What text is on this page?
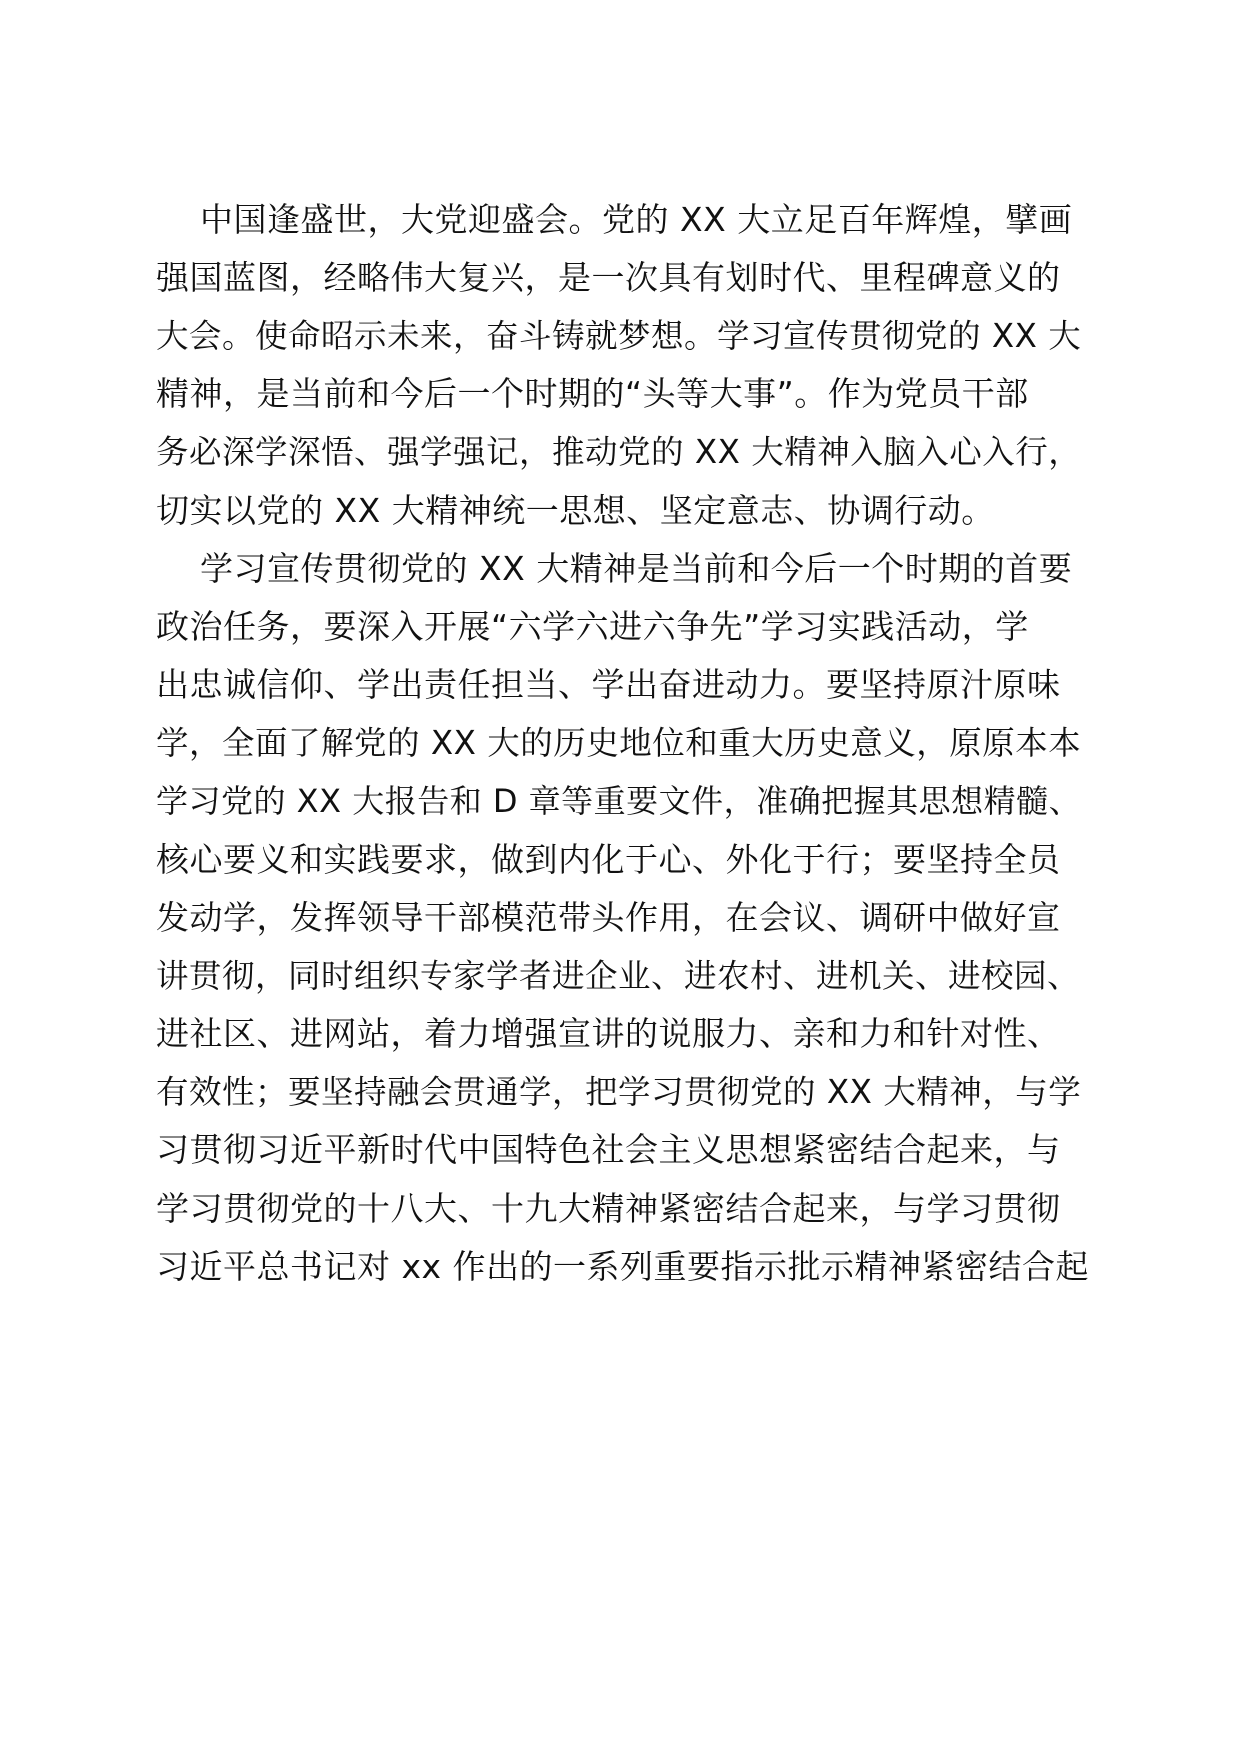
中国逢盛世，大党迎盛会。党的 XX 大立足百年辉煌，擘画
强国蓝图，经略伟大复兴，是一次具有划时代、里程碑意义的
大会。使命昭示未来，奋斗铸就梦想。学习宣传贯彻党的 XX 大
精神，是当前和今后一个时期的“头等大事”。作为党员干部
务必深学深悟、强学强记，推动党的 XX 大精神入脑入心入行，
切实以党的 XX 大精神统一思想、坚定意志、协调行动。
学习宣传贯彻党的 XX 大精神是当前和今后一个时期的首要
政治任务，要深入开展“六学六进六争先”学习实践活动，学
出忠诚信仰、学出责任担当、学出奋进动力。要坚持原汁原味
学，全面了解党的 XX 大的历史地位和重大历史意义，原原本本
学习党的 XX 大报告和 D 章等重要文件，准确把握其思想精髓、
核心要义和实践要求，做到内化于心、外化于行；要坚持全员
发动学，发挥领导干部模范带头作用，在会议、调研中做好宣
讲贯彻，同时组织专家学者进企业、进农村、进机关、进校园、
进社区、进网站，着力增强宣讲的说服力、亲和力和针对性、
有效性；要坚持融会贯通学，把学习贯彻党的 XX 大精神，与学
习贯彻习近平新时代中国特色社会主义思想紧密结合起来，与
学习贯彻党的十八大、十九大精神紧密结合起来，与学习贯彻
习近平总书记对 xx 作出的一系列重要指示批示精神紧密结合起
